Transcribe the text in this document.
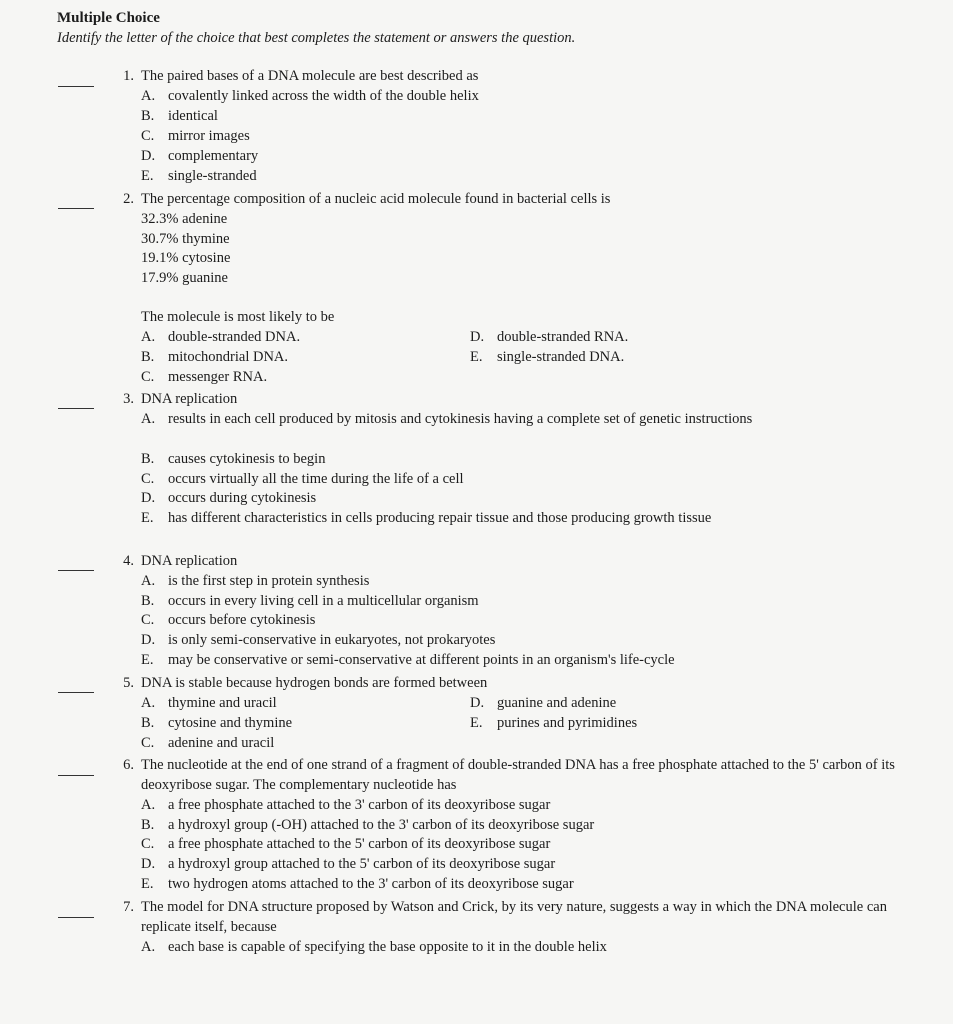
Multiple Choice
Identify the letter of the choice that best completes the statement or answers the question.
1. The paired bases of a DNA molecule are best described as
A. covalently linked across the width of the double helix
B. identical
C. mirror images
D. complementary
E. single-stranded
2. The percentage composition of a nucleic acid molecule found in bacterial cells is
32.3% adenine
30.7% thymine
19.1% cytosine
17.9% guanine
The molecule is most likely to be
A. double-stranded DNA.
B. mitochondrial DNA.
C. messenger RNA.
D. double-stranded RNA.
E. single-stranded DNA.
3. DNA replication
A. results in each cell produced by mitosis and cytokinesis having a complete set of genetic instructions
B. causes cytokinesis to begin
C. occurs virtually all the time during the life of a cell
D. occurs during cytokinesis
E. has different characteristics in cells producing repair tissue and those producing growth tissue
4. DNA replication
A. is the first step in protein synthesis
B. occurs in every living cell in a multicellular organism
C. occurs before cytokinesis
D. is only semi-conservative in eukaryotes, not prokaryotes
E. may be conservative or semi-conservative at different points in an organism's life-cycle
5. DNA is stable because hydrogen bonds are formed between
A. thymine and uracil
B. cytosine and thymine
C. adenine and uracil
D. guanine and adenine
E. purines and pyrimidines
6. The nucleotide at the end of one strand of a fragment of double-stranded DNA has a free phosphate attached to the 5' carbon of its deoxyribose sugar. The complementary nucleotide has
A. a free phosphate attached to the 3' carbon of its deoxyribose sugar
B. a hydroxyl group (-OH) attached to the 3' carbon of its deoxyribose sugar
C. a free phosphate attached to the 5' carbon of its deoxyribose sugar
D. a hydroxyl group attached to the 5' carbon of its deoxyribose sugar
E. two hydrogen atoms attached to the 3' carbon of its deoxyribose sugar
7. The model for DNA structure proposed by Watson and Crick, by its very nature, suggests a way in which the DNA molecule can replicate itself, because
A. each base is capable of specifying the base opposite to it in the double helix
